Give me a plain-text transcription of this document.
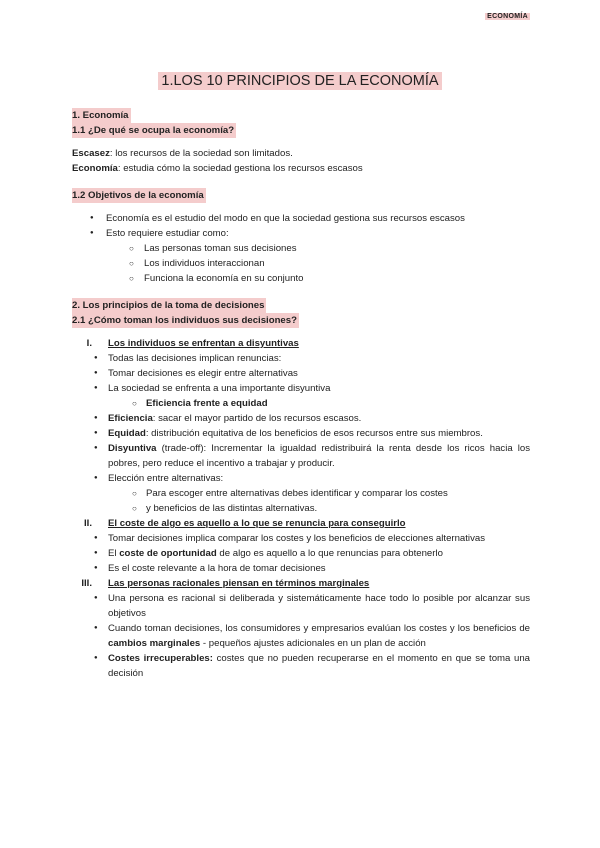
ECONOMÍA
1.LOS 10 PRINCIPIOS DE LA ECONOMÍA
1. Economía
1.1 ¿De qué se ocupa la economía?

Escasez: los recursos de la sociedad son limitados.

Economía: estudia cómo la sociedad gestiona los recursos escasos

1.2 Objetivos de la economía
● Economía es el estudio del modo en que la sociedad gestiona sus recursos escasos
● Esto requiere estudiar como:
○ Las personas toman sus decisiones
○ Los individuos interaccionan
○ Funciona la economía en su conjunto
2. Los principios de la toma de decisiones
2.1 ¿Cómo toman los individuos sus decisiones?
I. Los individuos se enfrentan a disyuntivas
● Todas las decisiones implican renuncias:
● Tomar decisiones es elegir entre alternativas
● La sociedad se enfrenta a una importante disyuntiva
○ Eficiencia frente a equidad
● Eficiencia: sacar el mayor partido de los recursos escasos.
● Equidad: distribución equitativa de los beneficios de esos recursos entre sus miembros.
● Disyuntiva (trade-off): Incrementar la igualdad redistribuirá la renta desde los ricos hacia los pobres, pero reduce el incentivo a trabajar y producir.
● Elección entre alternativas:
○ Para escoger entre alternativas debes identificar y comparar los costes
○ y beneficios de las distintas alternativas.
II. El coste de algo es aquello a lo que se renuncia para conseguirlo
● Tomar decisiones implica comparar los costes y los beneficios de elecciones alternativas
● El coste de oportunidad de algo es aquello a lo que renuncias para obtenerlo
● Es el coste relevante a la hora de tomar decisiones
III. Las personas racionales piensan en términos marginales
● Una persona es racional si deliberada y sistemáticamente hace todo lo posible por alcanzar sus objetivos
● Cuando toman decisiones, los consumidores y empresarios evalúan los costes y los beneficios de cambios marginales - pequeños ajustes adicionales en un plan de acción
● Costes irrecuperables: costes que no pueden recuperarse en el momento en que se toma una decisión
